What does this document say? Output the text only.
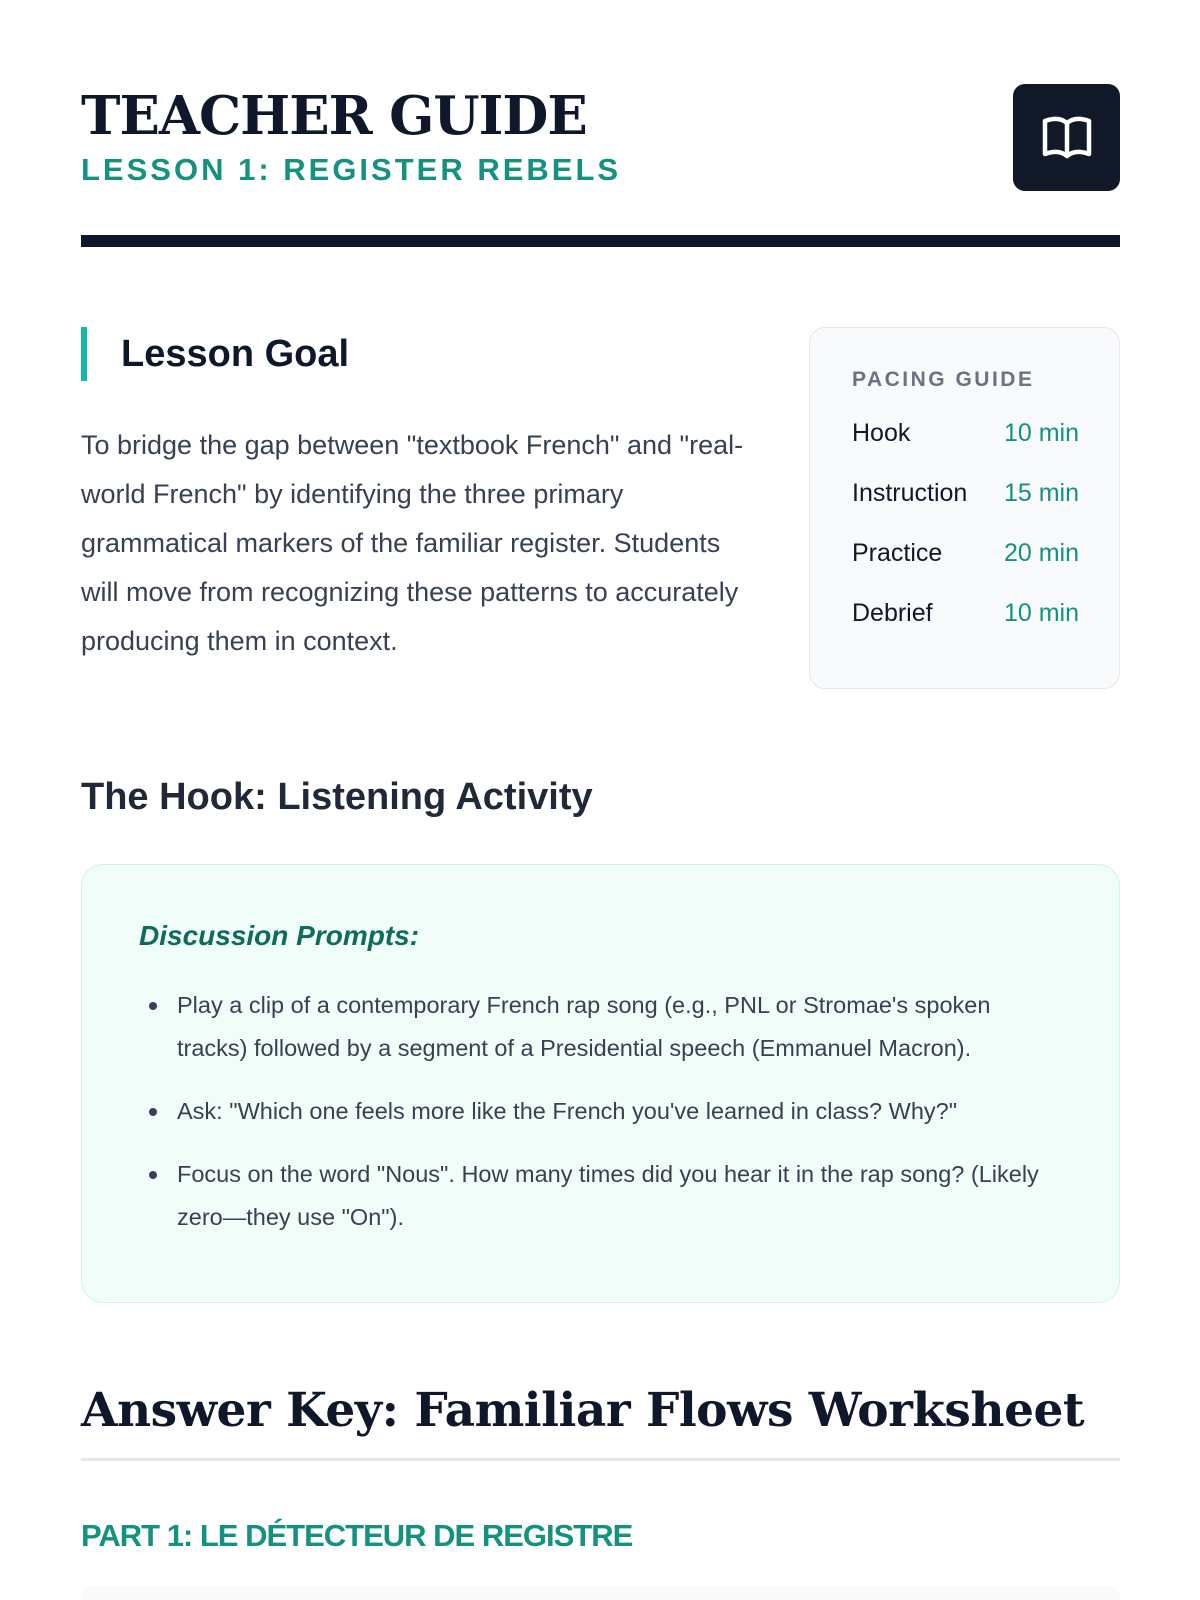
TEACHER GUIDE
LESSON 1: REGISTER REBELS
Lesson Goal

To bridge the gap between "textbook French" and "real-world French" by identifying the three primary grammatical markers of the familiar register. Students will move from recognizing these patterns to accurately producing them in context.

PACING GUIDE
Hook	10 min
Instruction 15 min
Practice 20 min
Debrief	10 min
The Hook: Listening Activity
Discussion Prompts:
Play a clip of a contemporary French rap song (e.g., PNL or Stromae's spoken tracks) followed by a segment of a Presidential speech (Emmanuel Macron).
Ask: "Which one feels more like the French you've learned in class? Why?"
Focus on the word "Nous". How many times did you hear it in the rap song? (Likely zero—they use "On").
Answer Key: Familiar Flows Worksheet
PART 1: LE DÉTECTEUR DE REGISTRE
